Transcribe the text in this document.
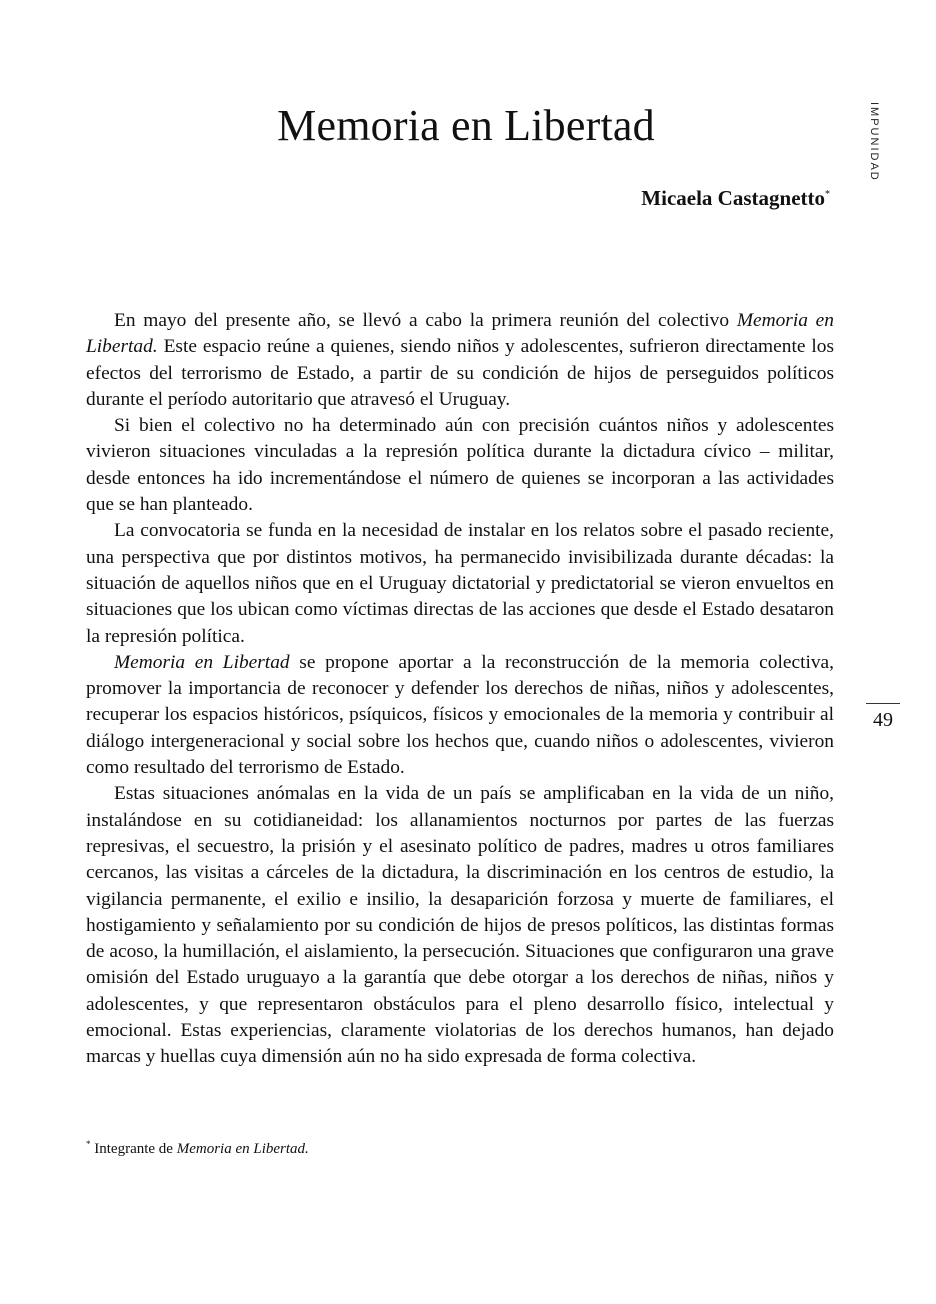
Memoria en Libertad
Micaela Castagnetto*
IMPUNIDAD
49

En mayo del presente año, se llevó a cabo la primera reunión del colectivo Memoria en Libertad. Este espacio reúne a quienes, siendo niños y adolescentes, sufrieron directamente los efectos del terrorismo de Estado, a partir de su condición de hijos de perseguidos políticos durante el período autoritario que atravesó el Uruguay.

Si bien el colectivo no ha determinado aún con precisión cuántos niños y adolescentes vivieron situaciones vinculadas a la represión política durante la dictadura cívico – militar, desde entonces ha ido incrementándose el número de quienes se incorporan a las actividades que se han planteado.

La convocatoria se funda en la necesidad de instalar en los relatos sobre el pasado reciente, una perspectiva que por distintos motivos, ha permanecido invisibilizada durante décadas: la situación de aquellos niños que en el Uruguay dictatorial y predictatorial se vieron envueltos en situaciones que los ubican como víctimas directas de las acciones que desde el Estado desataron la represión política.

Memoria en Libertad se propone aportar a la reconstrucción de la memoria colectiva, promover la importancia de reconocer y defender los derechos de niñas, niños y adolescentes, recuperar los espacios históricos, psíquicos, físicos y emocionales de la memoria y contribuir al diálogo intergeneracional y social sobre los hechos que, cuando niños o adolescentes, vivieron como resultado del terrorismo de Estado.

Estas situaciones anómalas en la vida de un país se amplificaban en la vida de un niño, instalándose en su cotidianeidad: los allanamientos nocturnos por partes de las fuerzas represivas, el secuestro, la prisión y el asesinato político de padres, madres u otros familiares cercanos, las visitas a cárceles de la dictadura, la discriminación en los centros de estudio, la vigilancia permanente, el exilio e insilio, la desaparición forzosa y muerte de familiares, el hostigamiento y señalamiento por su condición de hijos de presos políticos, las distintas formas de acoso, la humillación, el aislamiento, la persecución. Situaciones que configuraron una grave omisión del Estado uruguayo a la garantía que debe otorgar a los derechos de niñas, niños y adolescentes, y que representaron obstáculos para el pleno desarrollo físico, intelectual y emocional. Estas experiencias, claramente violatorias de los derechos humanos, han dejado marcas y huellas cuya dimensión aún no ha sido expresada de forma colectiva.

* Integrante de Memoria en Libertad.
